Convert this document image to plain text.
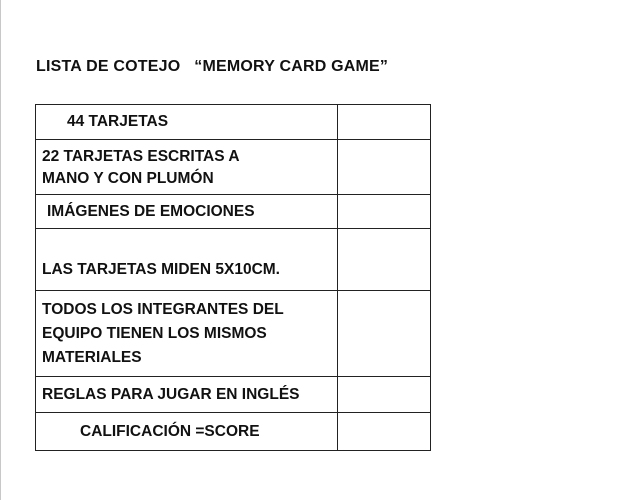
LISTA DE COTEJO   “MEMORY CARD GAME”
44 TARJETAS	

22 TARJETAS ESCRITAS A
MANO Y CON PLUMÓN	

IMÁGENES DE EMOCIONES	

LAS TARJETAS MIDEN 5X10CM.	

TODOS LOS INTEGRANTES DEL
EQUIPO TIENEN LOS MISMOS
MATERIALES	

REGLAS PARA JUGAR EN INGLÉS	

CALIFICACIÓN =SCORE	
